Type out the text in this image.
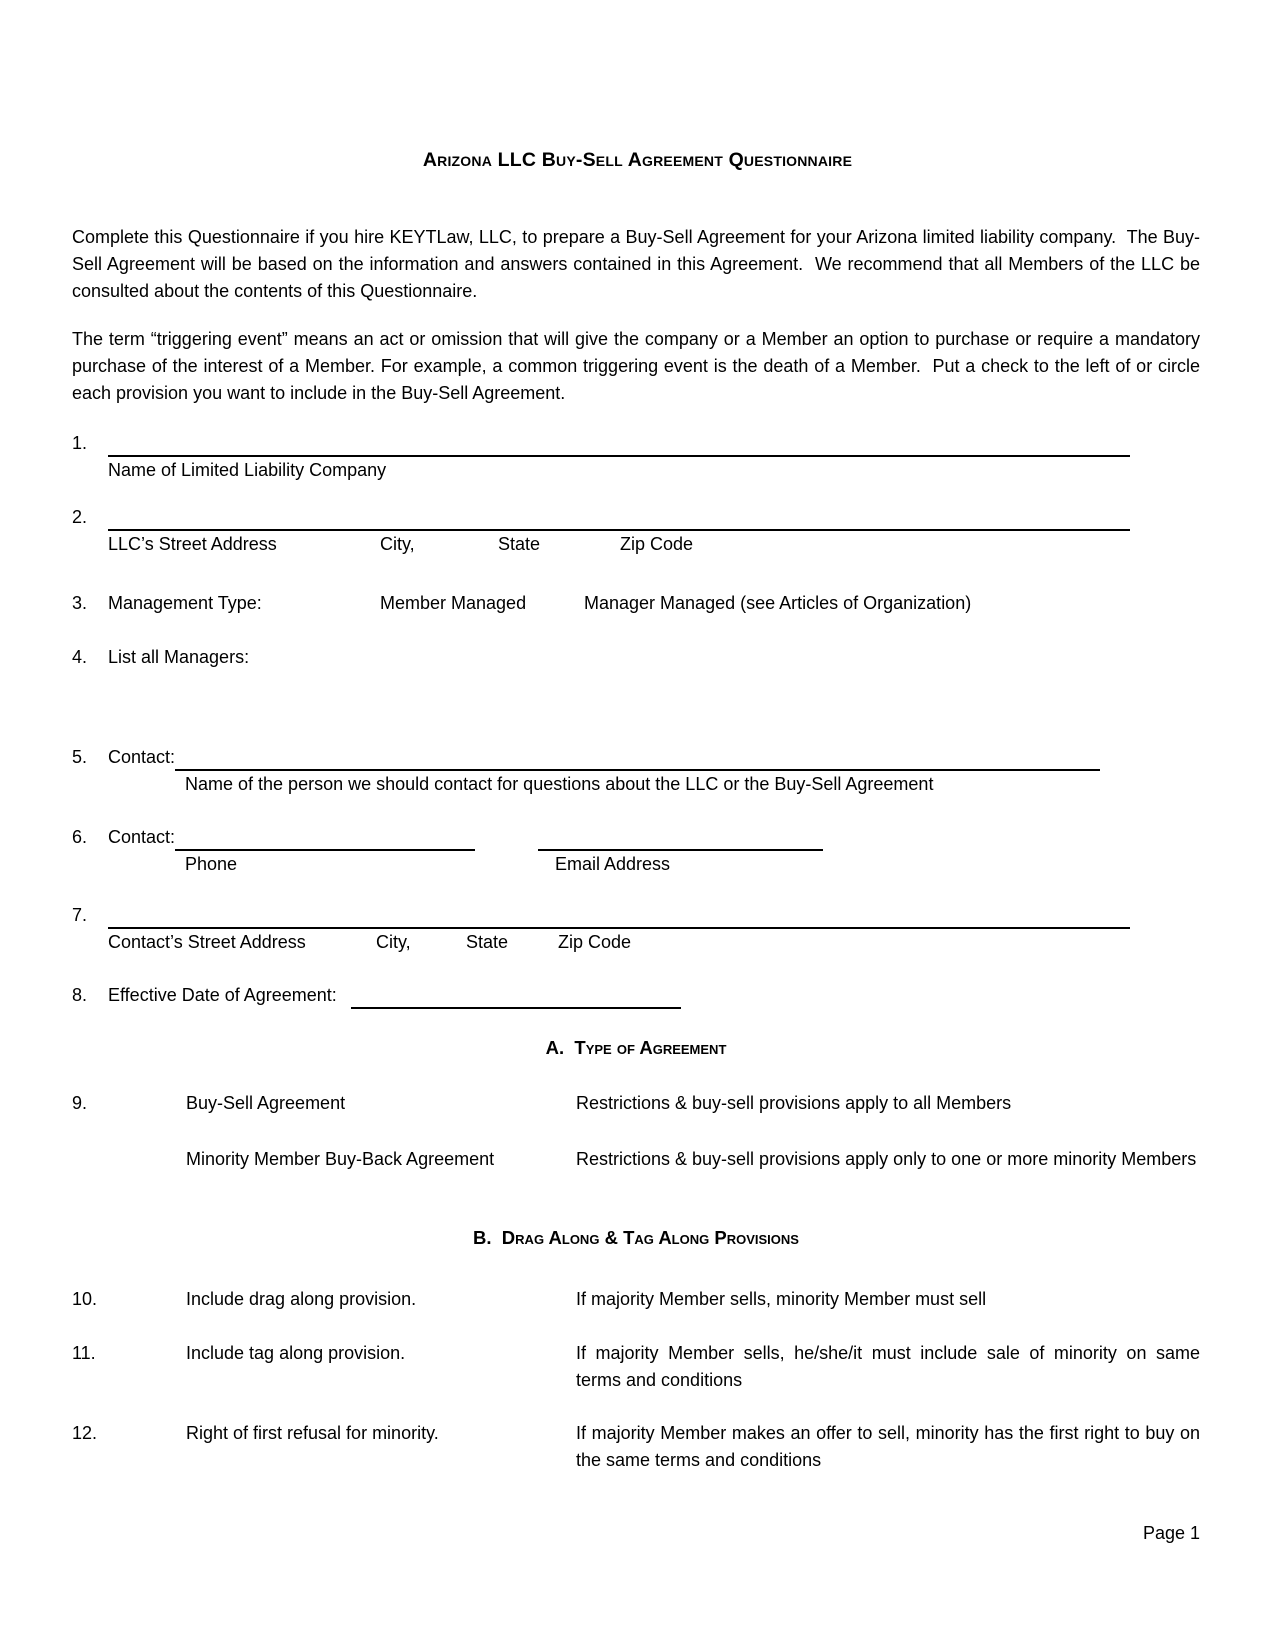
Arizona LLC Buy-Sell Agreement Questionnaire

Complete this Questionnaire if you hire KEYTLaw, LLC, to prepare a Buy-Sell Agreement for your Arizona limited liability company.  The Buy-Sell Agreement will be based on the information and answers contained in this Agreement.  We recommend that all Members of the LLC be consulted about the contents of this Questionnaire.

The term “triggering event” means an act or omission that will give the company or a Member an option to purchase or require a mandatory purchase of the interest of a Member. For example, a common triggering event is the death of a Member.  Put a check to the left of or circle each provision you want to include in the Buy-Sell Agreement.

1.
Name of Limited Liability Company
2.
LLC’s Street Address	City,	State	Zip Code
3.	Management Type:	Member Managed	Manager Managed (see Articles of Organization)
4.	List all Managers:
5.	Contact:
Name of the person we should contact for questions about the LLC or the Buy-Sell Agreement
6.	Contact:
Phone	Email Address
7.
Contact’s Street Address	City,	State	Zip Code
8.	Effective Date of Agreement:
A.  Type of Agreement
9.	Buy-Sell Agreement	Restrictions & buy-sell provisions apply to all Members
Minority Member Buy-Back Agreement	Restrictions & buy-sell provisions apply only to one or more minority Members
B.  Drag Along & Tag Along Provisions
10.	Include drag along provision.	If majority Member sells, minority Member must sell
11.	Include tag along provision.	If majority Member sells, he/she/it must include sale of minority on same terms and conditions
12.	Right of first refusal for minority.	If majority Member makes an offer to sell, minority has the first right to buy on the same terms and conditions
Page 1
